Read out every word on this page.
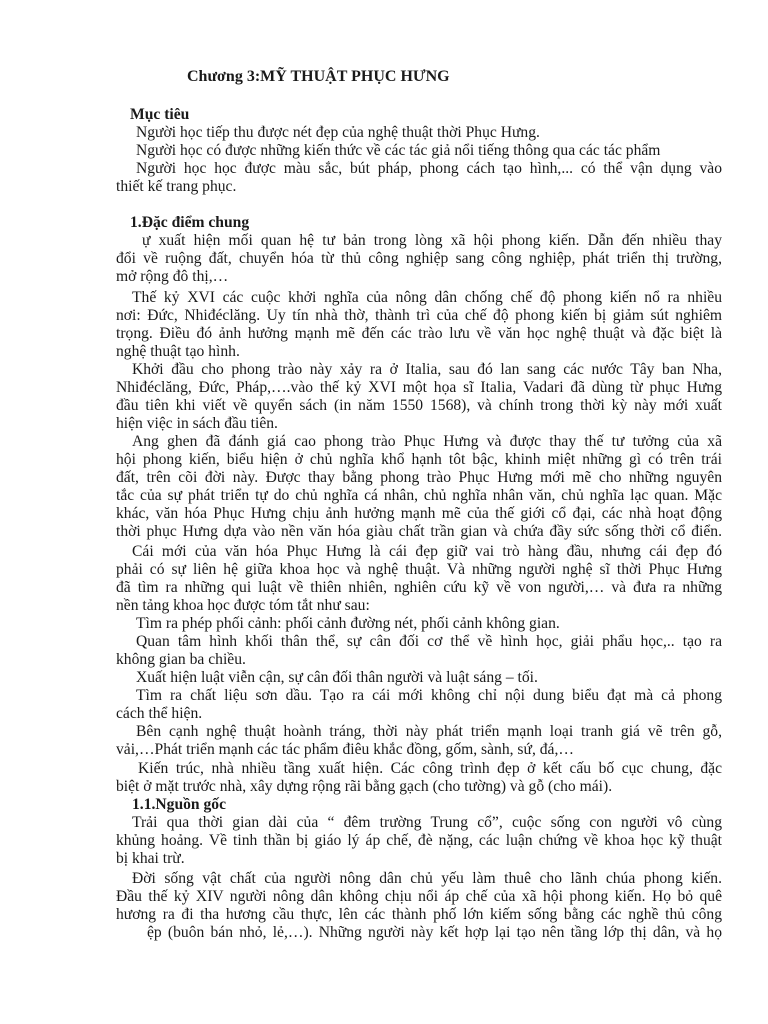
Chương 3:MỸ THUẬT PHỤC HƯNG
Mục tiêu
Người học tiếp thu được nét đẹp của nghệ thuật thời Phục Hưng.
Người học có được những kiến thức về các tác giả nổi tiếng thông qua các tác phẩm
Người học học được màu sắc, bút pháp, phong cách tạo hình,... có thể vận dụng vào
thiết kế trang phục.
1.Đặc điểm chung
ự xuất hiện mối quan hệ tư bản trong lòng xã hội phong kiến. Dẫn đến nhiều thay
đổi về ruộng đất, chuyển hóa từ thủ công nghiệp sang công nghiệp, phát triển thị trường,
mở rộng đô thị,…
Thế kỷ XVI các cuộc khởi nghĩa của nông dân chống chế độ phong kiến nổ ra nhiều
nơi: Đức, Nhiđéclăng. Uy tín nhà thờ, thành trì của chế độ phong kiến bị giảm sút nghiêm
trọng. Điều đó ảnh hưởng mạnh mẽ đến các trào lưu về văn học nghệ thuật và đặc biệt là
nghệ thuật tạo hình.
Khởi đầu cho phong trào này xảy ra ở Italia, sau đó lan sang các nước Tây ban Nha,
Nhiđéclăng, Đức, Pháp,….vào thế kỷ XVI một họa sĩ Italia, Vadari đã dùng từ phục Hưng
đầu tiên khi viết về quyển sách (in năm 1550 1568), và chính trong thời kỳ này mới xuất
hiện việc in sách đầu tiên.
Ang ghen đã đánh giá cao phong trào Phục Hưng và được thay thế tư tưởng của xã
hội phong kiến, biểu hiện ở chủ nghĩa khổ hạnh tôt bậc, khinh miệt những gì có trên trái
đất, trên cõi đời này. Được thay bằng phong trào Phục Hưng mới mẽ cho những nguyên
tắc của sự phát triển tự do chủ nghĩa cá nhân, chủ nghĩa nhân văn, chủ nghĩa lạc quan. Mặc
khác, văn hóa Phục Hưng chịu ảnh hưởng mạnh mẽ của thế giới cổ đại, các nhà hoạt động
thời phục Hưng dựa vào nền văn hóa giàu chất trần gian và chứa đầy sức sống thời cổ điển.
Cái mới của văn hóa Phục Hưng là cái đẹp giữ vai trò hàng đầu, nhưng cái đẹp đó
phải có sự liên hệ giữa khoa học và nghệ thuật. Và những người nghệ sĩ thời Phục Hưng
đã tìm ra những qui luật về thiên nhiên, nghiên cứu kỹ về von người,… và đưa ra những
nền tảng khoa học được tóm tắt như sau:
Tìm ra phép phối cảnh: phối cảnh đường nét, phối cảnh không gian.
Quan tâm hình khối thân thể, sự cân đối cơ thể về hình học, giải phẩu học,.. tạo ra
không gian ba chiều.
Xuất hiện luật viễn cận, sự cân đối thân người và luật sáng – tối.
Tìm ra chất liệu sơn dầu. Tạo ra cái mới không chỉ nội dung biểu đạt mà cả phong
cách thể hiện.
Bên cạnh nghệ thuật hoành tráng, thời này phát triển mạnh loại tranh giá vẽ trên gỗ,
vải,…Phát triển mạnh các tác phẩm điêu khắc đồng, gốm, sành, sứ, đá,…
Kiến trúc, nhà nhiều tầng xuất hiện. Các công trình đẹp ở kết cấu bố cục chung, đặc
biệt ở mặt trước nhà, xây dựng rộng rãi bằng gạch (cho tường) và gỗ (cho mái).
1.1.Nguồn gốc
Trải qua thời gian dài của “ đêm trường Trung cổ”, cuộc sống con người vô cùng
khủng hoảng. Về tinh thần bị giáo lý áp chế, đè nặng, các luận chứng về khoa học kỹ thuật
bị khai trừ.
Đời sống vật chất của người nông dân chủ yếu làm thuê cho lãnh chúa phong kiến.
Đầu thế kỷ XIV người nông dân không chịu nổi áp chế của xã hội phong kiến. Họ bỏ quê
hương ra đi tha hương cầu thực, lên các thành phố lớn kiếm sống bằng các nghề thủ công
ệp (buôn bán nhỏ, lẻ,…). Những người này kết hợp lại tạo nên tầng lớp thị dân, và họ
